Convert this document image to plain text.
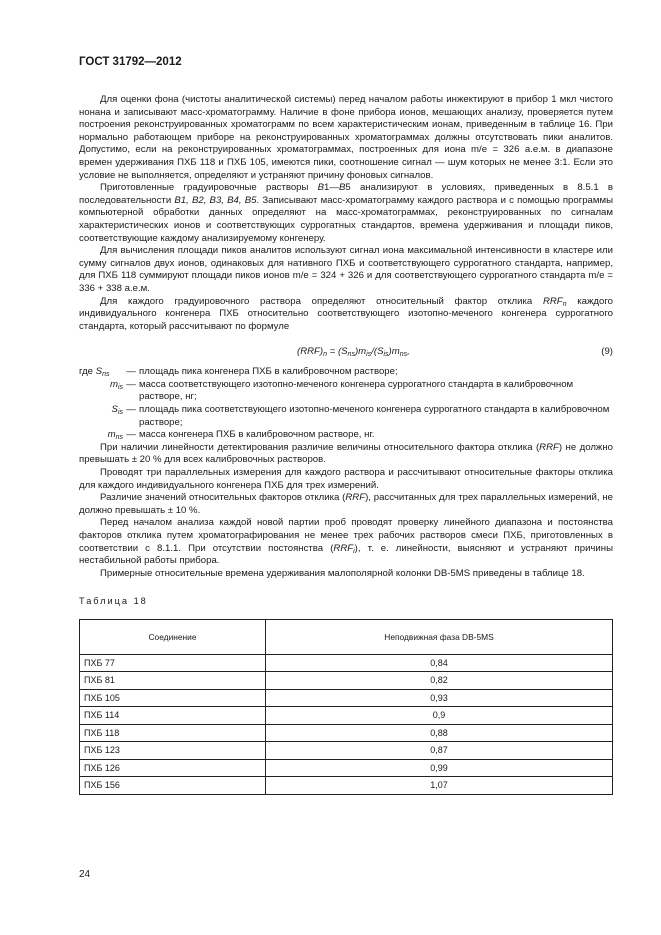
ГОСТ 31792—2012

Для оценки фона (чистоты аналитической системы) перед началом работы инжектируют в прибор 1 мкл чистого нонана и записывают масс-хроматограмму. Наличие в фоне прибора ионов, мешающих анализу, проверяется путем построения реконструированных хроматограмм по всем характеристическим ионам, приведенным в таблице 16. При нормально работающем приборе на реконструированных хроматограммах должны отсутствовать пики аналитов. Допустимо, если на реконструированных хроматограммах, построенных для иона m/e = 326 а.е.м. в диапазоне времен удерживания ПХБ 118 и ПХБ 105, имеются пики, соотношение сигнал — шум которых не менее 3:1. Если это условие не выполняется, определяют и устраняют причину фоновых сигналов.

Приготовленные градуировочные растворы В1—В5 анализируют в условиях, приведенных в 8.5.1 в последовательности В1, В2, В3, В4, В5. Записывают масс-хроматограмму каждого раствора и с помощью программы компьютерной обработки данных определяют на масс-хроматограммах, реконструированных по сигналам характеристических ионов и соответствующих суррогатных стандартов, времена удерживания и площади пиков, соответствующие каждому анализируемому конгенеру.

Для вычисления площади пиков аналитов используют сигнал иона максимальной интенсивности в кластере или сумму сигналов двух ионов, одинаковых для нативного ПХБ и соответствующего суррогатного стандарта, например, для ПХБ 118 суммируют площади пиков ионов m/e = 324 + 326 и для соответствующего суррогатного стандарта m/e = 336 + 338 а.е.м.

Для каждого градуировочного раствора определяют относительный фактор отклика $RRF_n$ каждого индивидуального конгенера ПХБ относительно соответствующего изотопно-меченого конгенера суррогатного стандарта, который рассчитывают по формуле

$(RRF)_n = (S_{ns})m_{is}/(S_{is})m_{ns}$,	(9)
где $S_{ns}$	— площадь пика конгенера ПХБ в калибровочном растворе;
$m_{is}$ — масса соответствующего изотопно-меченого конгенера суррогатного стандарта в калибровочном растворе, нг;
$S_{is}$ — площадь пика соответствующего изотопно-меченого конгенера суррогатного стандарта в калибровочном растворе;
$m_{ns}$ — масса конгенера ПХБ в калибровочном растворе, нг.

При наличии линейности детектирования различие величины относительного фактора отклика (RRF) не должно превышать ± 20 % для всех калибровочных растворов.

Проводят три параллельных измерения для каждого раствора и рассчитывают относительные факторы отклика для каждого индивидуального конгенера ПХБ для трех измерений.

Различие значений относительных факторов отклика (RRF), рассчитанных для трех параллельных измерений, не должно превышать ± 10 %.

Перед началом анализа каждой новой партии проб проводят проверку линейного диапазона и постоянства факторов отклика путем хроматографирования не менее трех рабочих растворов смеси ПХБ, приготовленных в соответствии с 8.1.1. При отсутствии постоянства $(RRF_i)$, т. е. линейности, выясняют и устраняют причины нестабильной работы прибора.

Примерные относительные времена удерживания малополярной колонки DB-5MS приведены в таблице 18.

Таблица 18
Соединение	Неподвижная фаза DB-5MS
ПХБ 77	0,84
ПХБ 81	0,82
ПХБ 105	0,93
ПХБ 114	0,9
ПХБ 118	0,88
ПХБ 123	0,87
ПХБ 126	0,99
ПХБ 156	1,07
24
